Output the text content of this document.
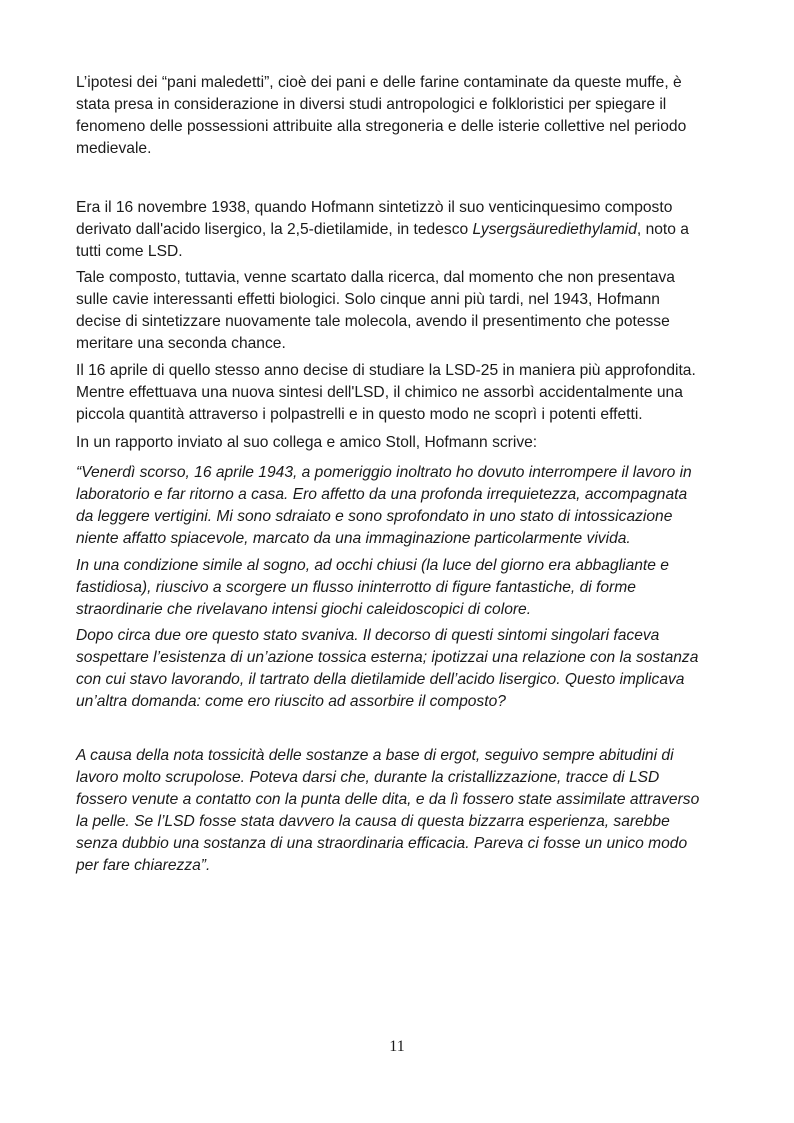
L’ipotesi dei “pani maledetti”, cioè dei pani e delle farine contaminate da queste muffe, è
stata presa in considerazione in diversi studi antropologici e folkloristici per spiegare il
fenomeno delle possessioni attribuite alla stregoneria e delle isterie collettive nel periodo
medievale.
Era il 16 novembre 1938, quando Hofmann sintetizzò il suo venticinquesimo composto
derivato dall'acido lisergico, la 2,5-dietilamide, in tedesco Lysergsäurediethylamid, noto a
tutti come LSD.
Tale composto, tuttavia, venne scartato dalla ricerca, dal momento che non presentava
sulle cavie interessanti effetti biologici. Solo cinque anni più tardi, nel 1943, Hofmann
decise di sintetizzare nuovamente tale molecola, avendo il presentimento che potesse
meritare una seconda chance.
Il 16 aprile di quello stesso anno decise di studiare la LSD-25 in maniera più approfondita.
Mentre effettuava una nuova sintesi dell'LSD, il chimico ne assorbì accidentalmente una
piccola quantità attraverso i polpastrelli e in questo modo ne scoprì i potenti effetti.
In un rapporto inviato al suo collega e amico Stoll, Hofmann scrive:
“Venerdì scorso, 16 aprile 1943, a pomeriggio inoltrato ho dovuto interrompere il lavoro in
laboratorio e far ritorno a casa. Ero affetto da una profonda irrequietezza, accompagnata
da leggere vertigini. Mi sono sdraiato e sono sprofondato in uno stato di intossicazione
niente affatto spiacevole, marcato da una immaginazione particolarmente vivida.
In una condizione simile al sogno, ad occhi chiusi (la luce del giorno era abbagliante e
fastidiosa), riuscivo a scorgere un flusso ininterrotto di figure fantastiche, di forme
straordinarie che rivelavano intensi giochi caleidoscopici di colore.
Dopo circa due ore questo stato svaniva. Il decorso di questi sintomi singolari faceva
sospettare l’esistenza di un’azione tossica esterna; ipotizzai una relazione con la sostanza
con cui stavo lavorando, il tartrato della dietilamide dell’acido lisergico. Questo implicava
un’altra domanda: come ero riuscito ad assorbire il composto?
A causa della nota tossicità delle sostanze a base di ergot, seguivo sempre abitudini di
lavoro molto scrupolose. Poteva darsi che, durante la cristallizzazione, tracce di LSD
fossero venute a contatto con la punta delle dita, e da lì fossero state assimilate attraverso
la pelle. Se l’LSD fosse stata davvero la causa di questa bizzarra esperienza, sarebbe
senza dubbio una sostanza di una straordinaria efficacia. Pareva ci fosse un unico modo
per fare chiarezza”.
11
